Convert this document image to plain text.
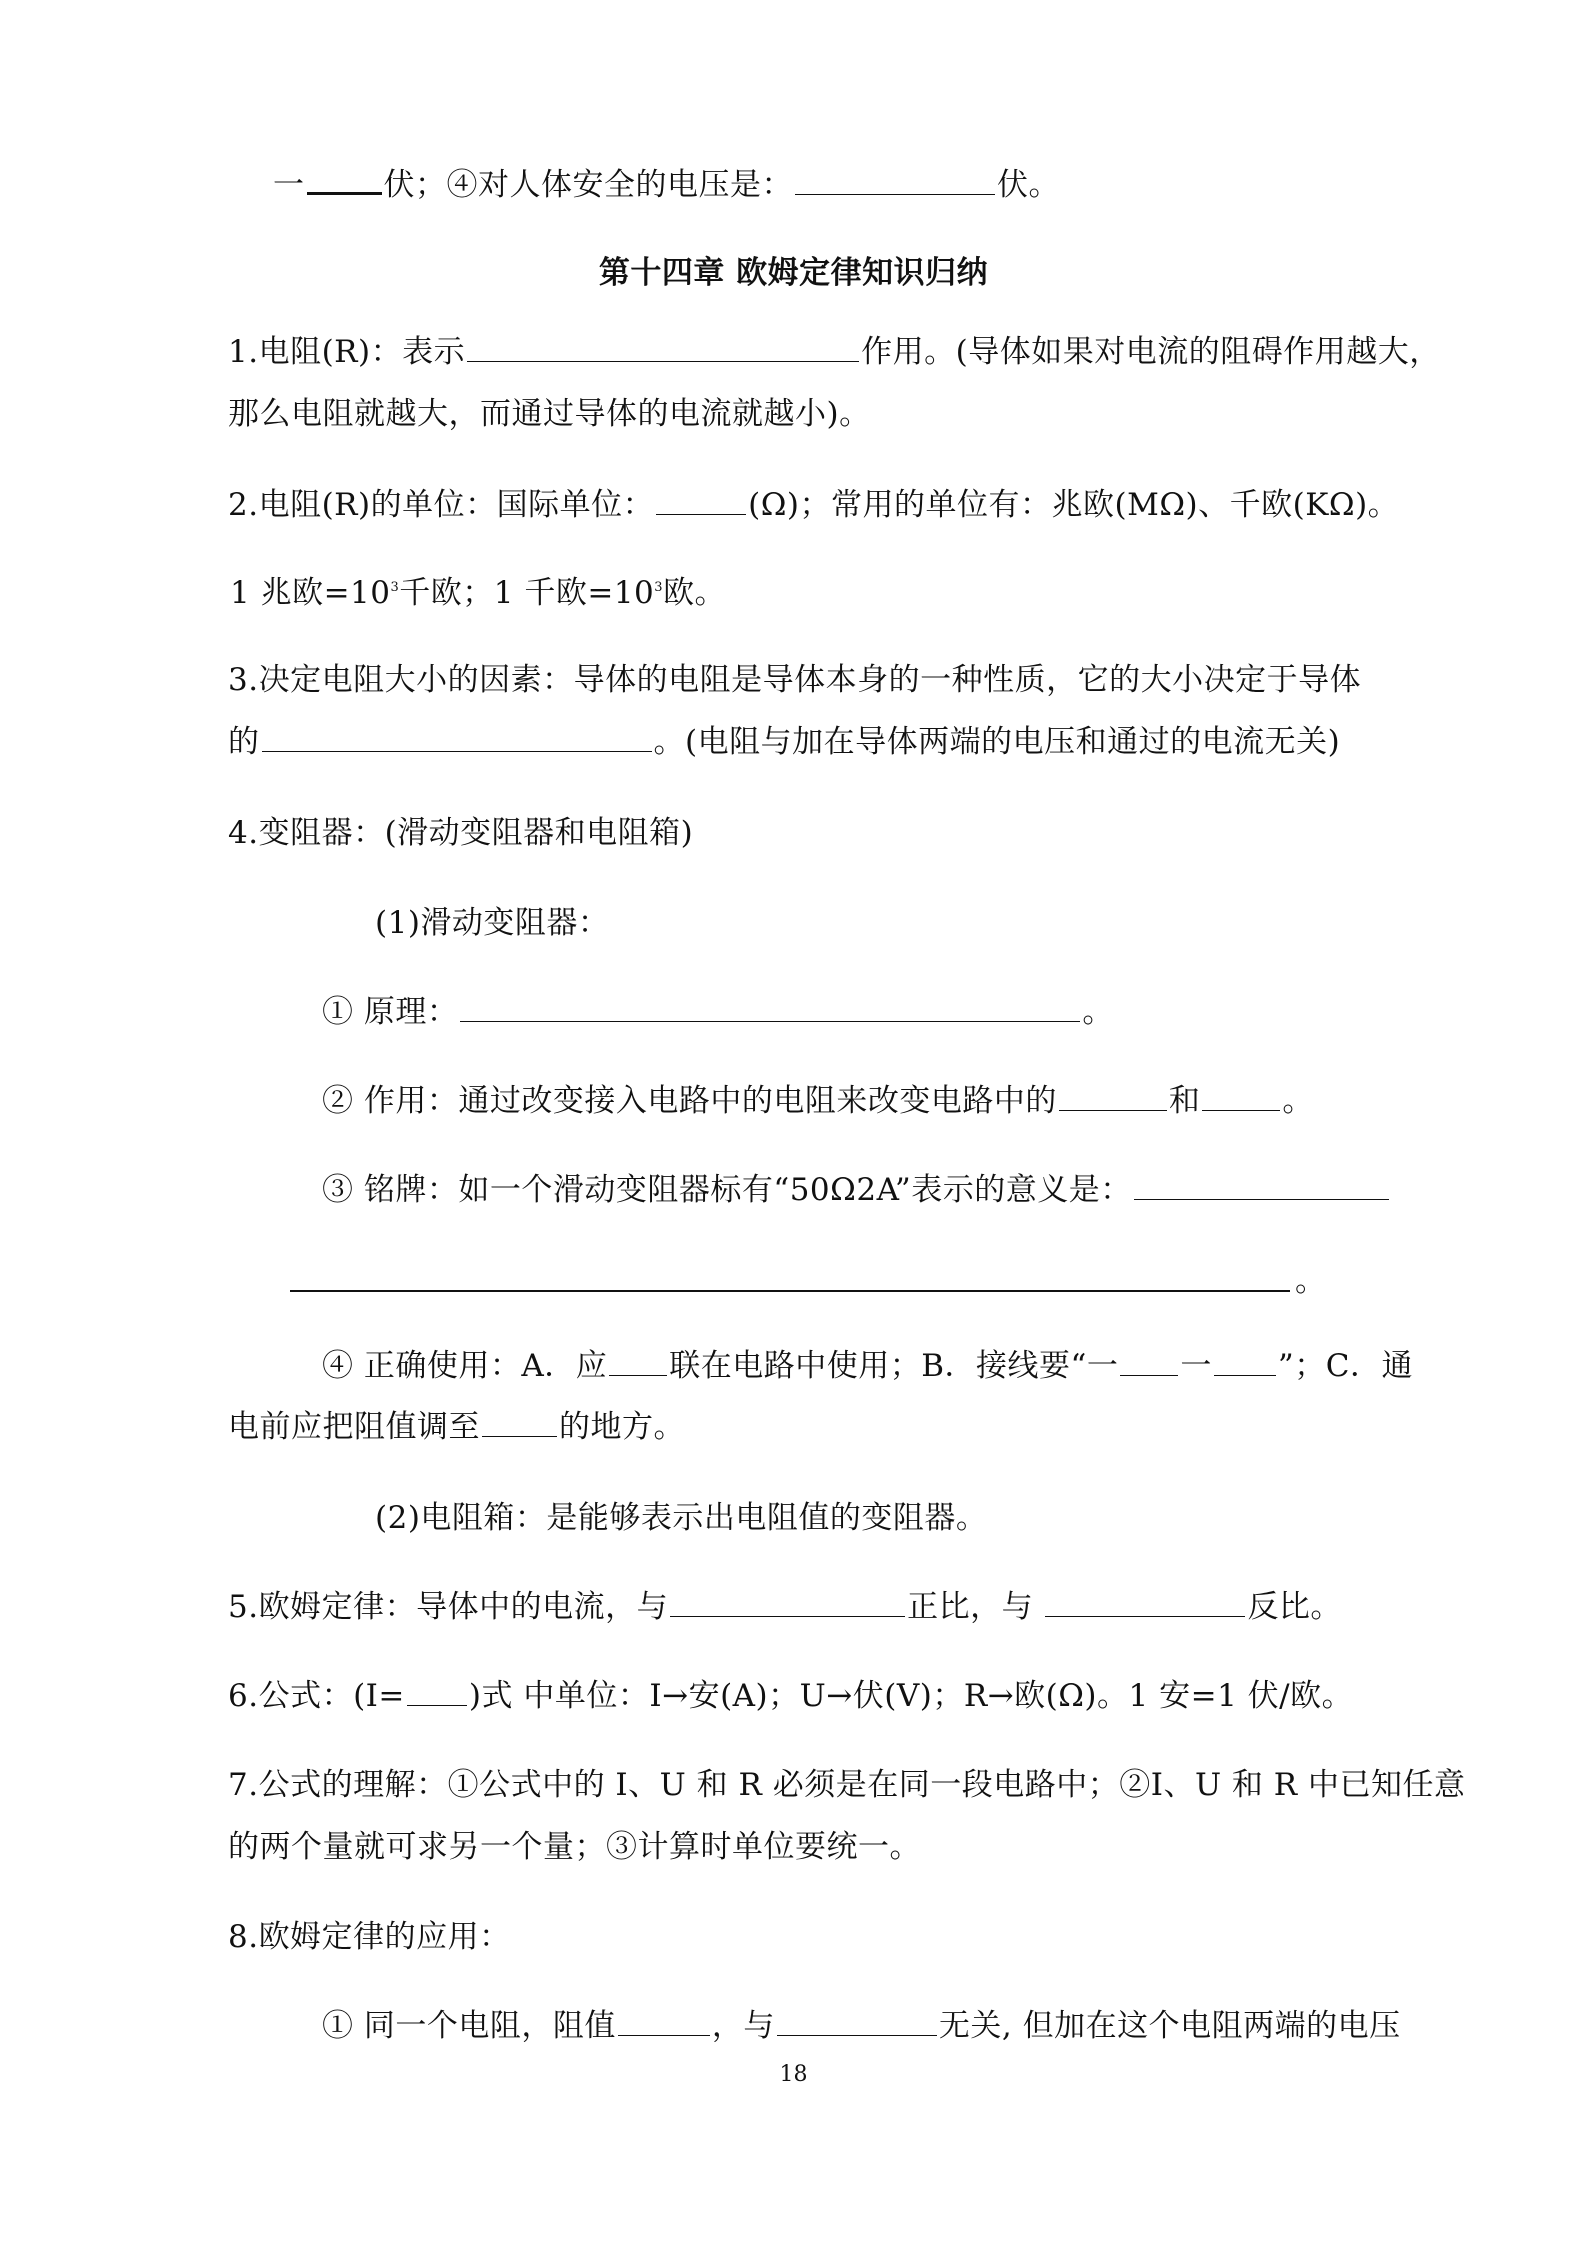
一	伏；④对人体安全的电压是：	伏。
第十四章 欧姆定律知识归纳
1.电阻(R)：表示	作用。(导体如果对电流的阻碍作用越大，
那么电阻就越大，而通过导体的电流就越小)。
2.电阻(R)的单位：国际单位：	(Ω)；常用的单位有：兆欧(MΩ)、千欧(KΩ)。
1 兆欧$=10^3$千欧；1 千欧$=10^3$欧。
3.决定电阻大小的因素：导体的电阻是导体本身的一种性质，它的大小决定于导体
的	。(电阻与加在导体两端的电压和通过的电流无关)
4.变阻器：(滑动变阻器和电阻箱)
(1)滑动变阻器：
① 原理：	。
② 作用：通过改变接入电路中的电阻来改变电路中的	和	。
③ 铭牌：如一个滑动变阻器标有“50Ω2A”表示的意义是：
。
④ 正确使用：A．应 联在电路中使用；B．接线要“一 一 ”；C．通
电前应把阻值调至	的地方。
(2)电阻箱：是能够表示出电阻值的变阻器。
5.欧姆定律：导体中的电流，与	正比，与	反比。
6.公式：(I= )式 中单位：I→安(A)；U→伏(V)；R→欧(Ω)。1 安=1 伏/欧。
7.公式的理解：①公式中的 I、U 和 R 必须是在同一段电路中；②I、U 和 R 中已知任意
的两个量就可求另一个量；③计算时单位要统一。
8.欧姆定律的应用：
① 同一个电阻，阻值	，与	无关, 但加在这个电阻两端的电压
18
